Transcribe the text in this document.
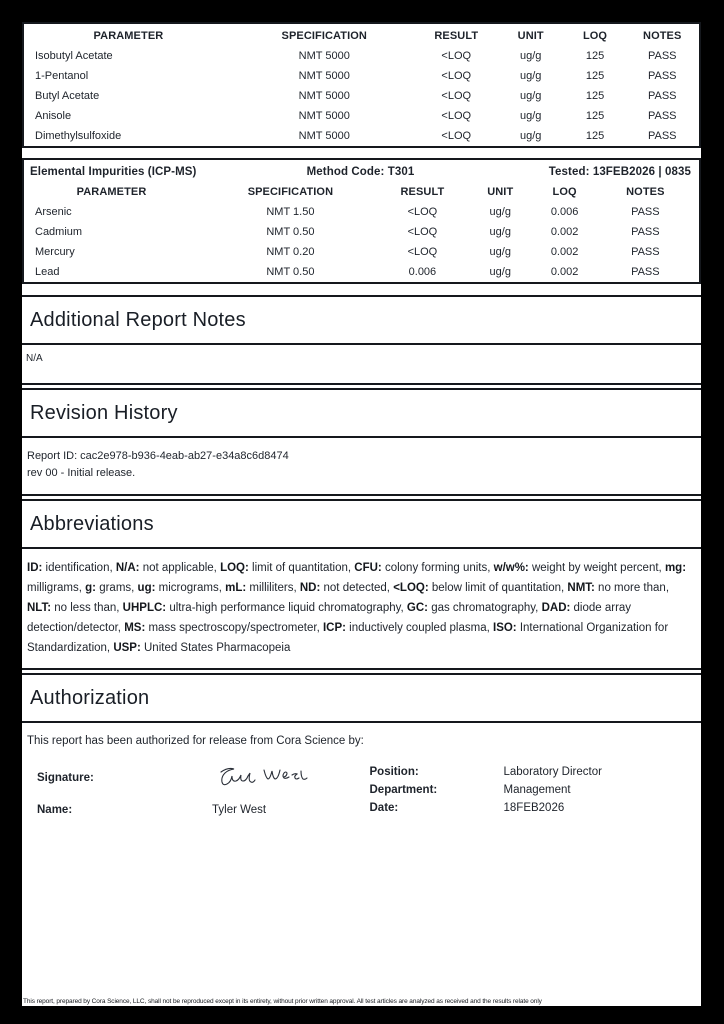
PARAMETER	SPECIFICATION	RESULT	UNIT	LOQ	NOTES
Isobutyl Acetate	NMT 5000	<LOQ	ug/g	125	PASS
1-Pentanol	NMT 5000	<LOQ	ug/g	125	PASS
Butyl Acetate	NMT 5000	<LOQ	ug/g	125	PASS
Anisole	NMT 5000	<LOQ	ug/g	125	PASS
Dimethylsulfoxide	NMT 5000	<LOQ	ug/g	125	PASS
Elemental Impurities (ICP-MS) Method Code: T301 Tested: 13FEB2026 | 0835					

PARAMETER	SPECIFICATION	RESULT	UNIT	LOQ	NOTES
Arsenic	NMT 1.50	<LOQ	ug/g	0.006	PASS
Cadmium	NMT 0.50	<LOQ	ug/g	0.002	PASS
Mercury	NMT 0.20	<LOQ	ug/g	0.002	PASS
Lead	NMT 0.50	0.006	ug/g	0.002	PASS
Additional Report Notes
N/A
Revision History
Report ID: cac2e978-b936-4eab-ab27-e34a8c6d8474
rev 00 - Initial release.
Abbreviations
ID: identification, N/A: not applicable, LOQ: limit of quantitation, CFU: colony forming units, w/w%: weight by weight percent, mg: milligrams, g: grams, ug: micrograms, mL: milliliters, ND: not detected, <LOQ: below limit of quantitation, NMT: no more than, NLT: no less than, UHPLC: ultra-high performance liquid chromatography, GC: gas chromatography, DAD: diode array detection/detector, MS: mass spectroscopy/spectrometer, ICP: inductively coupled plasma, ISO: International Organization for Standardization, USP: United States Pharmacopeia
Authorization

This report has been authorized for release from Cora Science by:

Signature:
Name:	Tyler West
Position:	Laboratory Director
Department:	Management
Date:	18FEB2026
This report, prepared by Cora Science, LLC, shall not be reproduced except in its entirety, without prior written approval. All test articles are analyzed as received and the results relate only
